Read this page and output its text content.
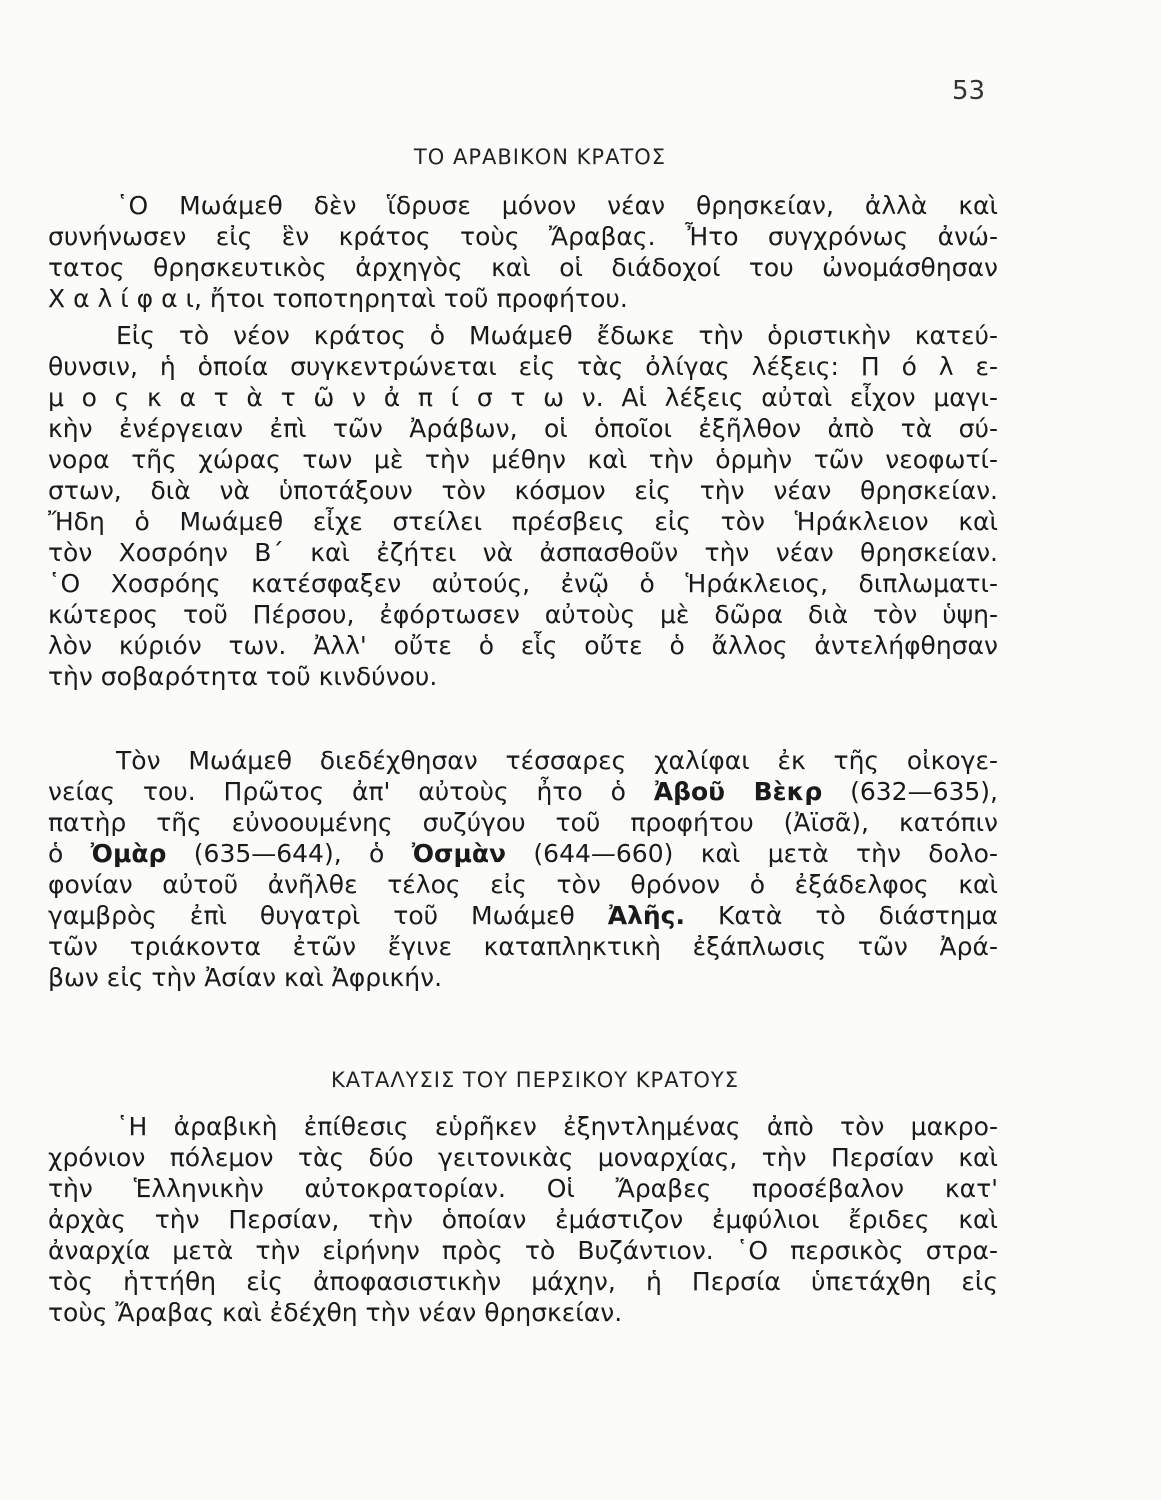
53
ΤΟ ΑΡΑΒΙΚΟΝ ΚΡΑΤΟΣ
῾Ο Μωάμεθ δὲν ἵδρυσε μόνον νέαν θρησκείαν, ἀλλὰ καὶ
συνήνωσεν εἰς ἓν κράτος τοὺς Ἄραβας. Ἦτο συγχρόνως ἀνώ-
τατος θρησκευτικὸς ἀρχηγὸς καὶ οἱ διάδοχοί του ὠνομάσθησαν
Χ α λ ί φ α ι, ἤτοι τοποτηρηταὶ τοῦ προφήτου.
Εἰς τὸ νέον κράτος ὁ Μωάμεθ ἔδωκε τὴν ὁριστικὴν κατεύ-
θυνσιν, ἡ ὁποία συγκεντρώνεται εἰς τὰς ὀλίγας λέξεις: Π ό λ ε-
μ ο ς κ α τ ὰ τ ῶ ν ἀ π ί σ τ ω ν. Αἱ λέξεις αὐταὶ εἶχον μαγι-
κὴν ἐνέργειαν ἐπὶ τῶν Ἀράβων, οἱ ὁποῖοι ἐξῆλθον ἀπὸ τὰ σύ-
νορα τῆς χώρας των μὲ τὴν μέθην καὶ τὴν ὁρμὴν τῶν νεοφωτί-
στων, διὰ νὰ ὑποτάξουν τὸν κόσμον εἰς τὴν νέαν θρησκείαν.
Ἤδη ὁ Μωάμεθ εἶχε στείλει πρέσβεις εἰς τὸν Ἡράκλειον καὶ
τὸν Χοσρόην Β΄ καὶ ἐζήτει νὰ ἀσπασθοῦν τὴν νέαν θρησκείαν.
῾Ο Χοσρόης κατέσφαξεν αὐτούς, ἐνῷ ὁ Ἡράκλειος, διπλωματι-
κώτερος τοῦ Πέρσου, ἐφόρτωσεν αὐτοὺς μὲ δῶρα διὰ τὸν ὑψη-
λὸν κύριόν των. Ἀλλ' οὔτε ὁ εἷς οὔτε ὁ ἄλλος ἀντελήφθησαν
τὴν σοβαρότητα τοῦ κινδύνου.
Τὸν Μωάμεθ διεδέχθησαν τέσσαρες χαλίφαι ἐκ τῆς οἰκογε-
νείας του. Πρῶτος ἀπ' αὐτοὺς ἦτο ὁ Ἀβοῦ Βὲκρ (632—635),
πατὴρ τῆς εὐνοουμένης συζύγου τοῦ προφήτου (Ἀϊσᾶ), κατόπιν
ὁ Ὀμὰρ (635—644), ὁ Ὀσμὰν (644—660) καὶ μετὰ τὴν δολο-
φονίαν αὐτοῦ ἀνῆλθε τέλος εἰς τὸν θρόνον ὁ ἐξάδελφος καὶ
γαμβρὸς ἐπὶ θυγατρὶ τοῦ Μωάμεθ Ἀλῆς. Κατὰ τὸ διάστημα
τῶν τριάκοντα ἐτῶν ἔγινε καταπληκτικὴ ἐξάπλωσις τῶν Ἀρά-
βων εἰς τὴν Ἀσίαν καὶ Ἀφρικήν.
ΚΑΤΑΛΥΣΙΣ ΤΟΥ ΠΕΡΣΙΚΟΥ ΚΡΑΤΟΥΣ
῾Η ἀραβικὴ ἐπίθεσις εὑρῆκεν ἐξηντλημένας ἀπὸ τὸν μακρο-
χρόνιον πόλεμον τὰς δύο γειτονικὰς μοναρχίας, τὴν Περσίαν καὶ
τὴν Ἑλληνικὴν αὐτοκρατορίαν. Οἱ Ἄραβες προσέβαλον κατ'
ἀρχὰς τὴν Περσίαν, τὴν ὁποίαν ἐμάστιζον ἐμφύλιοι ἔριδες καὶ
ἀναρχία μετὰ τὴν εἰρήνην πρὸς τὸ Βυζάντιον. ῾Ο περσικὸς στρα-
τὸς ἡττήθη εἰς ἀποφασιστικὴν μάχην, ἡ Περσία ὑπετάχθη εἰς
τοὺς Ἄραβας καὶ ἐδέχθη τὴν νέαν θρησκείαν.
